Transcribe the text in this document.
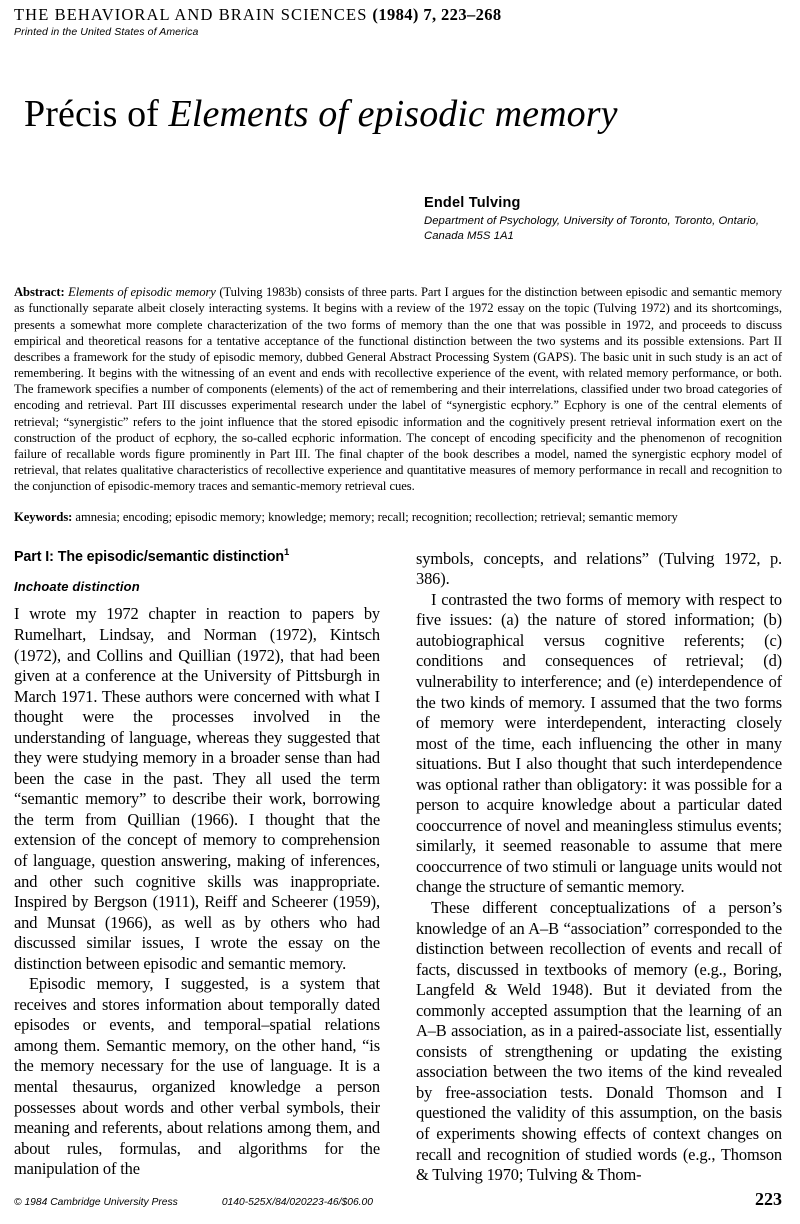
THE BEHAVIORAL AND BRAIN SCIENCES (1984) 7, 223–268
Printed in the United States of America
Précis of Elements of episodic memory
Endel Tulving
Department of Psychology, University of Toronto, Toronto, Ontario, Canada M5S 1A1
Abstract: Elements of episodic memory (Tulving 1983b) consists of three parts. Part I argues for the distinction between episodic and semantic memory as functionally separate albeit closely interacting systems. It begins with a review of the 1972 essay on the topic (Tulving 1972) and its shortcomings, presents a somewhat more complete characterization of the two forms of memory than the one that was possible in 1972, and proceeds to discuss empirical and theoretical reasons for a tentative acceptance of the functional distinction between the two systems and its possible extensions. Part II describes a framework for the study of episodic memory, dubbed General Abstract Processing System (GAPS). The basic unit in such study is an act of remembering. It begins with the witnessing of an event and ends with recollective experience of the event, with related memory performance, or both. The framework specifies a number of components (elements) of the act of remembering and their interrelations, classified under two broad categories of encoding and retrieval. Part III discusses experimental research under the label of “synergistic ecphory.” Ecphory is one of the central elements of retrieval; “synergistic” refers to the joint influence that the stored episodic information and the cognitively present retrieval information exert on the construction of the product of ecphory, the so-called ecphoric information. The concept of encoding specificity and the phenomenon of recognition failure of recallable words figure prominently in Part III. The final chapter of the book describes a model, named the synergistic ecphory model of retrieval, that relates qualitative characteristics of recollective experience and quantitative measures of memory performance in recall and recognition to the conjunction of episodic-memory traces and semantic-memory retrieval cues.
Keywords: amnesia; encoding; episodic memory; knowledge; memory; recall; recognition; recollection; retrieval; semantic memory
Part I: The episodic/semantic distinction$^1$
Inchoate distinction

I wrote my 1972 chapter in reaction to papers by Rumelhart, Lindsay, and Norman (1972), Kintsch (1972), and Collins and Quillian (1972), that had been given at a conference at the University of Pittsburgh in March 1971. These authors were concerned with what I thought were the processes involved in the understanding of language, whereas they suggested that they were studying memory in a broader sense than had been the case in the past. They all used the term “semantic memory” to describe their work, borrowing the term from Quillian (1966). I thought that the extension of the concept of memory to comprehension of language, question answering, making of inferences, and other such cognitive skills was inappropriate. Inspired by Bergson (1911), Reiff and Scheerer (1959), and Munsat (1966), as well as by others who had discussed similar issues, I wrote the essay on the distinction between episodic and semantic memory.

Episodic memory, I suggested, is a system that receives and stores information about temporally dated episodes or events, and temporal–spatial relations among them. Semantic memory, on the other hand, “is the memory necessary for the use of language. It is a mental thesaurus, organized knowledge a person possesses about words and other verbal symbols, their meaning and referents, about relations among them, and about rules, formulas, and algorithms for the manipulation of the

symbols, concepts, and relations” (Tulving 1972, p. 386).

I contrasted the two forms of memory with respect to five issues: (a) the nature of stored information; (b) autobiographical versus cognitive referents; (c) conditions and consequences of retrieval; (d) vulnerability to interference; and (e) interdependence of the two kinds of memory. I assumed that the two forms of memory were interdependent, interacting closely most of the time, each influencing the other in many situations. But I also thought that such interdependence was optional rather than obligatory: it was possible for a person to acquire knowledge about a particular dated cooccurrence of novel and meaningless stimulus events; similarly, it seemed reasonable to assume that mere cooccurrence of two stimuli or language units would not change the structure of semantic memory.

These different conceptualizations of a person’s knowledge of an A–B “association” corresponded to the distinction between recollection of events and recall of facts, discussed in textbooks of memory (e.g., Boring, Langfeld & Weld 1948). But it deviated from the commonly accepted assumption that the learning of an A–B association, as in a paired-associate list, essentially consists of strengthening or updating the existing association between the two items of the kind revealed by free-association tests. Donald Thomson and I questioned the validity of this assumption, on the basis of experiments showing effects of context changes on recall and recognition of studied words (e.g., Thomson & Tulving 1970; Tulving & Thom-

© 1984 Cambridge University Press	0140-525X/84/020223-46/$06.00	223
